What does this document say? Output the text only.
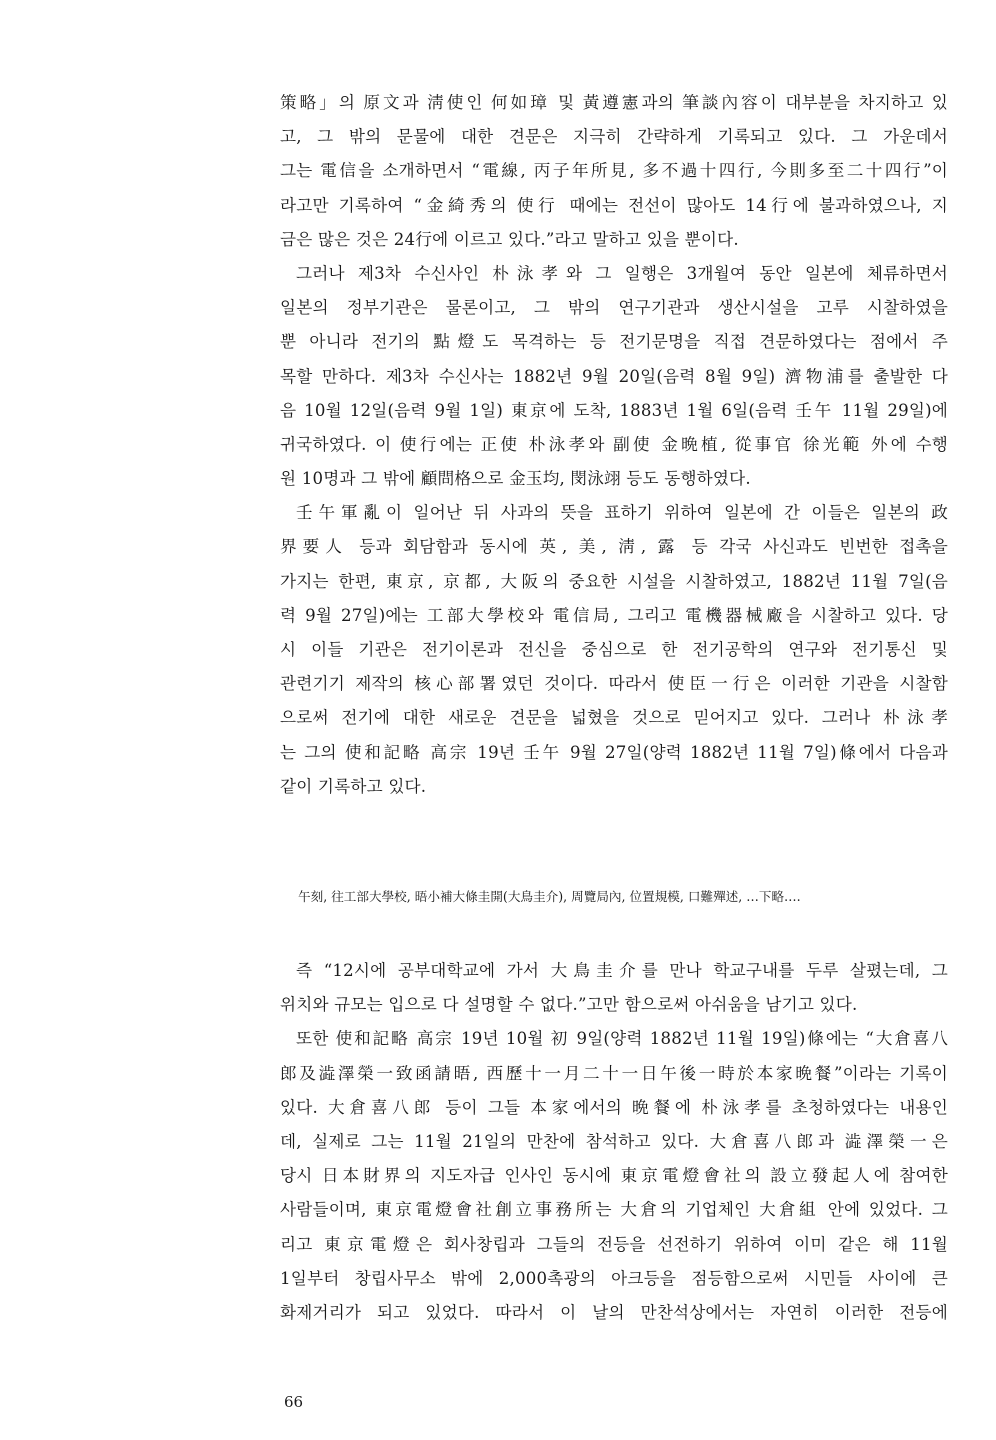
策略」의 原文과 淸使인 何如璋 및 黃遵憲과의 筆談內容이 대부분을 차지하고 있
고, 그 밖의 문물에 대한 견문은 지극히 간략하게 기록되고 있다. 그 가운데서
그는 電信을 소개하면서 “電線, 丙子年所見, 多不過十四行, 今則多至二十四行”이
라고만 기록하여 “金綺秀의 使行 때에는 전선이 많아도 14行에 불과하였으나, 지
금은 많은 것은 24行에 이르고 있다.”라고 말하고 있을 뿐이다.
그러나 제3차 수신사인 朴泳孝와 그 일행은 3개월여 동안 일본에 체류하면서
일본의 정부기관은 물론이고, 그 밖의 연구기관과 생산시설을 고루 시찰하였을
뿐 아니라 전기의 點燈도 목격하는 등 전기문명을 직접 견문하였다는 점에서 주
목할 만하다. 제3차 수신사는 1882년 9월 20일(음력 8월 9일) 濟物浦를 출발한 다
음 10월 12일(음력 9월 1일) 東京에 도착, 1883년 1월 6일(음력 壬午 11월 29일)에
귀국하였다. 이 使行에는 正使 朴泳孝와 副使 金晩植, 從事官 徐光範 外에 수행
원 10명과 그 밖에 顧問格으로 金玉均, 閔泳翊 등도 동행하였다.
壬午軍亂이 일어난 뒤 사과의 뜻을 표하기 위하여 일본에 간 이들은 일본의 政
界要人 등과 회담함과 동시에 英, 美, 淸, 露 등 각국 사신과도 빈번한 접촉을
가지는 한편, 東京, 京都, 大阪의 중요한 시설을 시찰하였고, 1882년 11월 7일(음
력 9월 27일)에는 工部大學校와 電信局, 그리고 電機器械廠을 시찰하고 있다. 당
시 이들 기관은 전기이론과 전신을 중심으로 한 전기공학의 연구와 전기통신 및
관련기기 제작의 核心部署였던 것이다. 따라서 使臣一行은 이러한 기관을 시찰함
으로써 전기에 대한 새로운 견문을 넓혔을 것으로 믿어지고 있다. 그러나 朴泳孝
는 그의 使和記略 高宗 19년 壬午 9월 27일(양력 1882년 11월 7일)條에서 다음과
같이 기록하고 있다.
午刻, 往工部大學校, 晤小補大條圭開(大鳥圭介), 周覽局內, 位置規模, 口難殫述, …下略….
즉 “12시에 공부대학교에 가서 大鳥圭介를 만나 학교구내를 두루 살폈는데, 그
위치와 규모는 입으로 다 설명할 수 없다.”고만 함으로써 아쉬움을 남기고 있다.
또한 使和記略 高宗 19년 10월 初 9일(양력 1882년 11월 19일)條에는 “大倉喜八
郎及澁澤榮一致函請晤, 西歷十一月二十一日午後一時於本家晩餐”이라는 기록이
있다. 大倉喜八郎 등이 그들 本家에서의 晩餐에 朴泳孝를 초청하였다는 내용인
데, 실제로 그는 11월 21일의 만찬에 참석하고 있다. 大倉喜八郎과 澁澤榮一은
당시 日本財界의 지도자급 인사인 동시에 東京電燈會社의 設立發起人에 참여한
사람들이며, 東京電燈會社創立事務所는 大倉의 기업체인 大倉組 안에 있었다. 그
리고 東京電燈은 회사창립과 그들의 전등을 선전하기 위하여 이미 같은 해 11월
1일부터 창립사무소 밖에 2,000촉광의 아크등을 점등함으로써 시민들 사이에 큰
화제거리가 되고 있었다. 따라서 이 날의 만찬석상에서는 자연히 이러한 전등에
66
